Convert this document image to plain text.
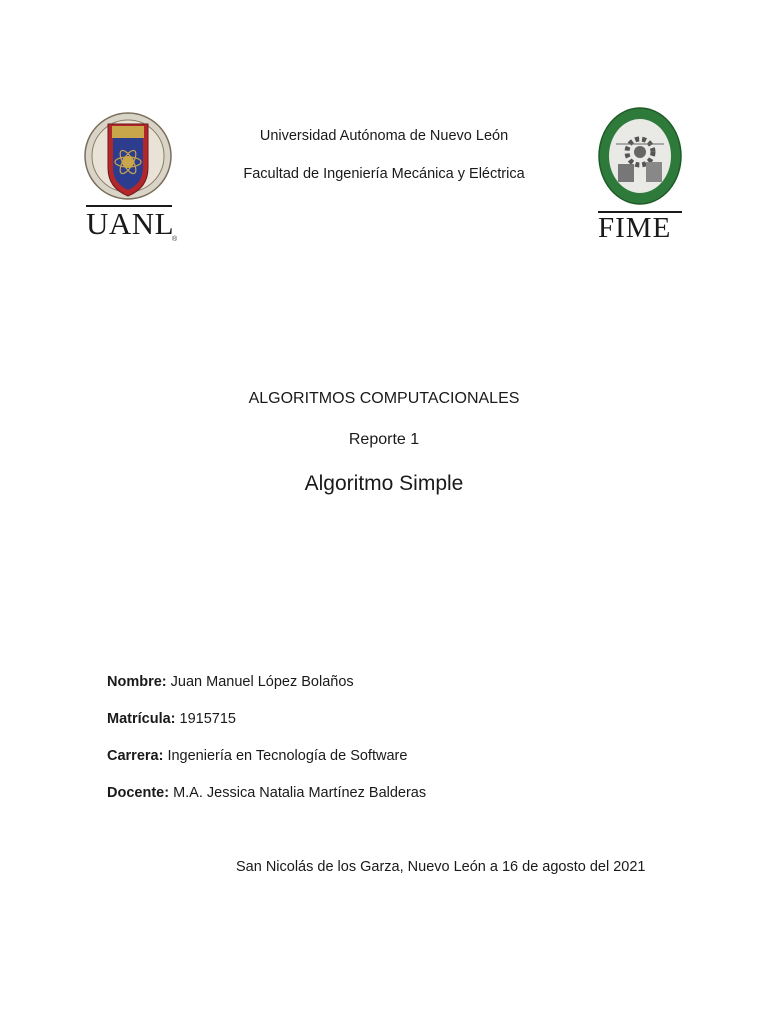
UANL
®	FIME
Universidad Autónoma de Nuevo León
Facultad de Ingeniería Mecánica y Eléctrica
ALGORITMOS COMPUTACIONALES
Reporte 1
Algoritmo Simple
Nombre: Juan Manuel López Bolaños
Matrícula: 1915715
Carrera: Ingeniería en Tecnología de Software
Docente: M.A. Jessica Natalia Martínez Balderas
San Nicolás de los Garza, Nuevo León a 16 de agosto del 2021
